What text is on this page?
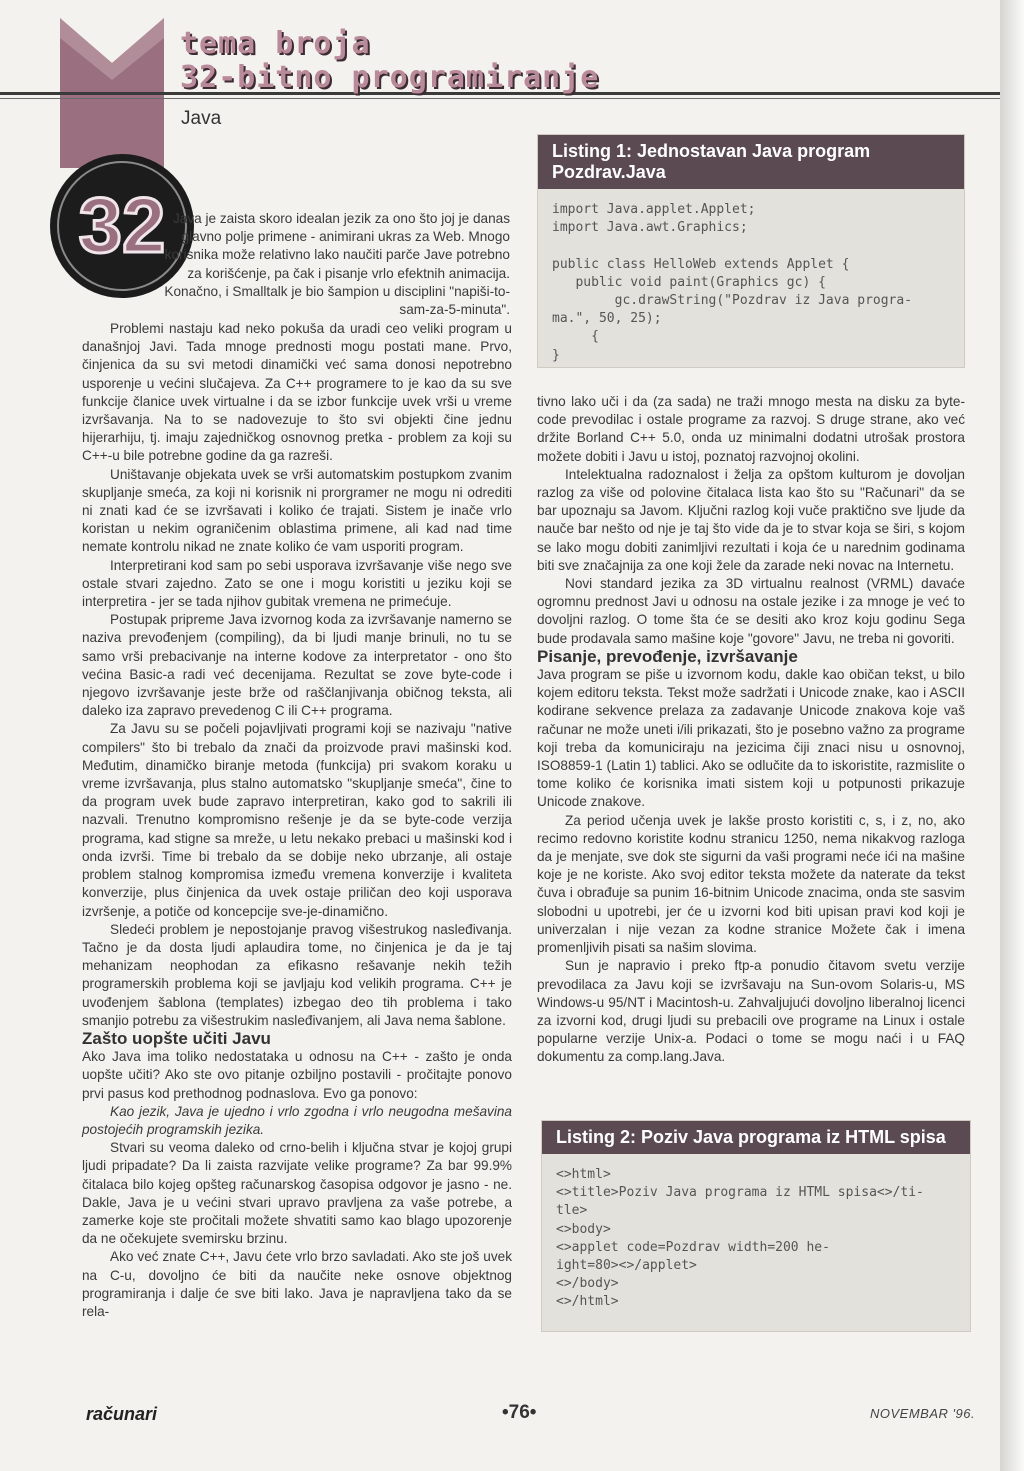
tema broja
32-bitno programiranje
Java
32 Java je zaista skoro idealan jezik za ono što joj je danas glavno polje primene - animirani ukras za Web. Mnogo korisnika može relativno lako naučiti parče Jave potrebno za korišćenje, pa čak i pisanje vrlo efektnih animacija. Konačno, i Smalltalk je bio šampion u disciplini "napiši-to-sam-za-5-minuta".

Problemi nastaju kad neko pokuša da uradi ceo veliki program u današnjoj Javi. Tada mnoge prednosti mogu postati mane. Prvo, činjenica da su svi metodi dinamički već sama donosi nepotrebno usporenje u većini slučajeva. Za C++ programere to je kao da su sve funkcije članice uvek virtualne i da se izbor funkcije uvek vrši u vreme izvršavanja. Na to se nadovezuje to što svi objekti čine jednu hijerarhiju, tj. imaju zajedničkog osnovnog pretka - problem za koji su C++-u bile potrebne godine da ga razreši.

Uništavanje objekata uvek se vrši automatskim postupkom zvanim skupljanje smeća, za koji ni korisnik ni prorgramer ne mogu ni odrediti ni znati kad će se izvršavati i koliko će trajati. Sistem je inače vrlo koristan u nekim ograničenim oblastima primene, ali kad nad time nemate kontrolu nikad ne znate koliko će vam usporiti program.

Interpretirani kod sam po sebi usporava izvršavanje više nego sve ostale stvari zajedno. Zato se one i mogu koristiti u jeziku koji se interpretira - jer se tada njihov gubitak vremena ne primećuje.

Postupak pripreme Java izvornog koda za izvršavanje namerno se naziva prevođenjem (compiling), da bi ljudi manje brinuli, no tu se samo vrši prebacivanje na interne kodove za interpretator - ono što većina Basic-a radi već decenijama. Rezultat se zove byte-code i njegovo izvršavanje jeste brže od raščlanjivanja običnog teksta, ali daleko iza zapravo prevedenog C ili C++ programa.

Za Javu su se počeli pojavljivati programi koji se nazivaju "native compilers" što bi trebalo da znači da proizvode pravi mašinski kod. Međutim, dinamičko biranje metoda (funkcija) pri svakom koraku u vreme izvršavanja, plus stalno automatsko "skupljanje smeća", čine to da program uvek bude zapravo interpretiran, kako god to sakrili ili nazvali. Trenutno kompromisno rešenje je da se byte-code verzija programa, kad stigne sa mreže, u letu nekako prebaci u mašinski kod i onda izvrši. Time bi trebalo da se dobije neko ubrzanje, ali ostaje problem stalnog kompromisa između vremena konverzije i kvaliteta konverzije, plus činjenica da uvek ostaje priličan deo koji usporava izvršenje, a potiče od koncepcije sve-je-dinamično.

Sledeći problem je nepostojanje pravog višestrukog nasleđivanja. Tačno je da dosta ljudi aplaudira tome, no činjenica je da je taj mehanizam neophodan za efikasno rešavanje nekih težih programerskih problema koji se javljaju kod velikih programa. C++ je uvođenjem šablona (templates) izbegao deo tih problema i tako smanjio potrebu za višestrukim nasleđivanjem, ali Java nema šablone.

Zašto uopšte učiti Javu

Ako Java ima toliko nedostataka u odnosu na C++ - zašto je onda uopšte učiti? Ako ste ovo pitanje ozbiljno postavili - pročitajte ponovo prvi pasus kod prethodnog podnaslova. Evo ga ponovo:

Kao jezik, Java je ujedno i vrlo zgodna i vrlo neugodna mešavina postojećih programskih jezika.

Stvari su veoma daleko od crno-belih i ključna stvar je kojoj grupi ljudi pripadate? Da li zaista razvijate velike programe? Za bar 99.9% čitalaca bilo kojeg opšteg računarskog časopisa odgovor je jasno - ne. Dakle, Java je u većini stvari upravo pravljena za vaše potrebe, a zamerke koje ste pročitali možete shvatiti samo kao blago upozorenje da ne očekujete svemirsku brzinu.

Ako već znate C++, Javu ćete vrlo brzo savladati. Ako ste još uvek na C-u, dovoljno će biti da naučite neke osnove objektnog programiranja i dalje će sve biti lako. Java je napravljena tako da se rela-

Listing 1: Jednostavan Java program Pozdrav.Java
import Java.applet.Applet;
import Java.awt.Graphics;

public class HelloWeb extends Applet {
public void paint(Graphics gc) {
gc.drawString("Pozdrav iz Java progra-
ma.", 50, 25);
{
}

tivno lako uči i da (za sada) ne traži mnogo mesta na disku za byte-code prevodilac i ostale programe za razvoj. S druge strane, ako već držite Borland C++ 5.0, onda uz minimalni dodatni utrošak prostora možete dobiti i Javu u istoj, poznatoj razvojnoj okolini.

Intelektualna radoznalost i želja za opštom kulturom je dovoljan razlog za više od polovine čitalaca lista kao što su "Računari" da se bar upoznaju sa Javom. Ključni razlog koji vuče praktično sve ljude da nauče bar nešto od nje je taj što vide da je to stvar koja se širi, s kojom se lako mogu dobiti zanimljivi rezultati i koja će u narednim godinama biti sve značajnija za one koji žele da zarade neki novac na Internetu.

Novi standard jezika za 3D virtualnu realnost (VRML) davaće ogromnu prednost Javi u odnosu na ostale jezike i za mnoge je već to dovoljni razlog. O tome šta će se desiti ako kroz koju godinu Sega bude prodavala samo mašine koje "govore" Javu, ne treba ni govoriti.

Pisanje, prevođenje, izvršavanje

Java program se piše u izvornom kodu, dakle kao običan tekst, u bilo kojem editoru teksta. Tekst može sadržati i Unicode znake, kao i ASCII kodirane sekvence prelaza za zadavanje Unicode znakova koje vaš računar ne može uneti i/ili prikazati, što je posebno važno za programe koji treba da komuniciraju na jezicima čiji znaci nisu u osnovnoj, ISO8859-1 (Latin 1) tablici. Ako se odlučite da to iskoristite, razmislite o tome koliko će korisnika imati sistem koji u potpunosti prikazuje Unicode znakove.

Za period učenja uvek je lakše prosto koristiti c, s, i z, no, ako recimo redovno koristite kodnu stranicu 1250, nema nikakvog razloga da je menjate, sve dok ste sigurni da vaši programi neće ići na mašine koje je ne koriste. Ako svoj editor teksta možete da naterate da tekst čuva i obrađuje sa punim 16-bitnim Unicode znacima, onda ste sasvim slobodni u upotrebi, jer će u izvorni kod biti upisan pravi kod koji je univerzalan i nije vezan za kodne stranice Možete čak i imena promenljivih pisati sa našim slovima.

Sun je napravio i preko ftp-a ponudio čitavom svetu verzije prevodilaca za Javu koji se izvršavaju na Sun-ovom Solaris-u, MS Windows-u 95/NT i Macintosh-u. Zahvaljujući dovoljno liberalnoj licenci za izvorni kod, drugi ljudi su prebacili ove programe na Linux i ostale popularne verzije Unix-a. Podaci o tome se mogu naći i u FAQ dokumentu za comp.lang.Java.

Listing 2: Poziv Java programa iz HTML spisa
<>html>
<>title>Poziv Java programa iz HTML spisa<>/ti-
tle>
<>body>
<>applet code=Pozdrav width=200 he-
ight=80><>/applet>
<>/body>
<>/html>
računari	•76•	NOVEMBAR '96.
